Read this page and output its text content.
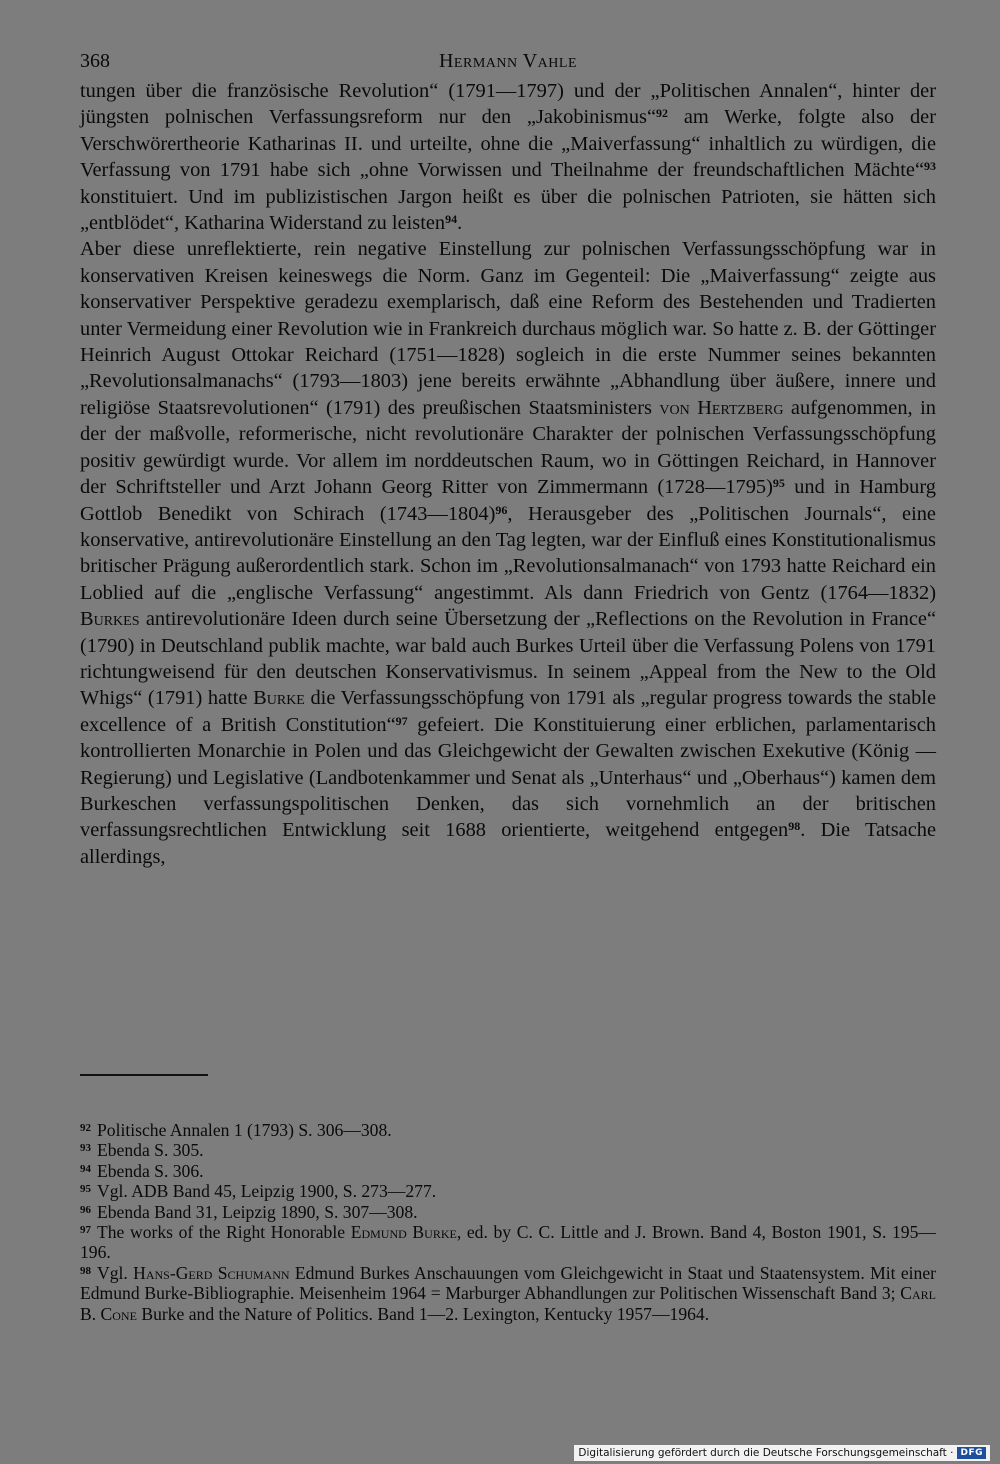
368	Hermann Vahle

tungen über die französische Revolution“ (1791—1797) und der „Politischen Annalen“, hinter der jüngsten polnischen Verfassungsreform nur den „Jakobinismus“$^{92}$ am Werke, folgte also der Verschwörertheorie Katharinas II. und urteilte, ohne die „Maiverfassung“ inhaltlich zu würdigen, die Verfassung von 1791 habe sich „ohne Vorwissen und Theilnahme der freundschaftlichen Mächte“$^{93}$ konstituiert. Und im publizistischen Jargon heißt es über die polnischen Patrioten, sie hätten sich „entblödet“, Katharina Widerstand zu leisten$^{94}$.

Aber diese unreflektierte, rein negative Einstellung zur polnischen Verfassungsschöpfung war in konservativen Kreisen keineswegs die Norm. Ganz im Gegenteil: Die „Maiverfassung“ zeigte aus konservativer Perspektive geradezu exemplarisch, daß eine Reform des Bestehenden und Tradierten unter Vermeidung einer Revolution wie in Frankreich durchaus möglich war. So hatte z. B. der Göttinger Heinrich August Ottokar Reichard (1751—1828) sogleich in die erste Nummer seines bekannten „Revolutionsalmanachs“ (1793—1803) jene bereits erwähnte „Abhandlung über äußere, innere und religiöse Staatsrevolutionen“ (1791) des preußischen Staatsministers von Hertzberg aufgenommen, in der der maßvolle, reformerische, nicht revolutionäre Charakter der polnischen Verfassungsschöpfung positiv gewürdigt wurde. Vor allem im norddeutschen Raum, wo in Göttingen Reichard, in Hannover der Schriftsteller und Arzt Johann Georg Ritter von Zimmermann (1728—1795)$^{95}$ und in Hamburg Gottlob Benedikt von Schirach (1743—1804)$^{96}$, Herausgeber des „Politischen Journals“, eine konservative, antirevolutionäre Einstellung an den Tag legten, war der Einfluß eines Konstitutionalismus britischer Prägung außerordentlich stark. Schon im „Revolutionsalmanach“ von 1793 hatte Reichard ein Loblied auf die „englische Verfassung“ angestimmt. Als dann Friedrich von Gentz (1764—1832) Burkes antirevolutionäre Ideen durch seine Übersetzung der „Reflections on the Revolution in France“ (1790) in Deutschland publik machte, war bald auch Burkes Urteil über die Verfassung Polens von 1791 richtungweisend für den deutschen Konservativismus. In seinem „Appeal from the New to the Old Whigs“ (1791) hatte Burke die Verfassungsschöpfung von 1791 als „regular progress towards the stable excellence of a British Constitution“$^{97}$ gefeiert. Die Konstituierung einer erblichen, parlamentarisch kontrollierten Monarchie in Polen und das Gleichgewicht der Gewalten zwischen Exekutive (König — Regierung) und Legislative (Landbotenkammer und Senat als „Unterhaus“ und „Oberhaus“) kamen dem Burkeschen verfassungspolitischen Denken, das sich vornehmlich an der britischen verfassungsrechtlichen Entwicklung seit 1688 orientierte, weitgehend entgegen$^{98}$. Die Tatsache allerdings,

$^{92}$ Politische Annalen 1 (1793) S. 306—308.

$^{93}$ Ebenda S. 305.

$^{94}$ Ebenda S. 306.

$^{95}$ Vgl. ADB Band 45, Leipzig 1900, S. 273—277.

$^{96}$ Ebenda Band 31, Leipzig 1890, S. 307—308.

$^{97}$ The works of the Right Honorable Edmund Burke, ed. by C. C. Little and J. Brown. Band 4, Boston 1901, S. 195—196.

$^{98}$ Vgl. Hans-Gerd Schumann Edmund Burkes Anschauungen vom Gleichgewicht in Staat und Staatensystem. Mit einer Edmund Burke-Bibliographie. Meisenheim 1964 = Marburger Abhandlungen zur Politischen Wissenschaft Band 3; Carl B. Cone Burke and the Nature of Politics. Band 1—2. Lexington, Kentucky 1957—1964.

Digitalisierung gefördert durch die Deutsche Forschungsgemeinschaft · DFG
